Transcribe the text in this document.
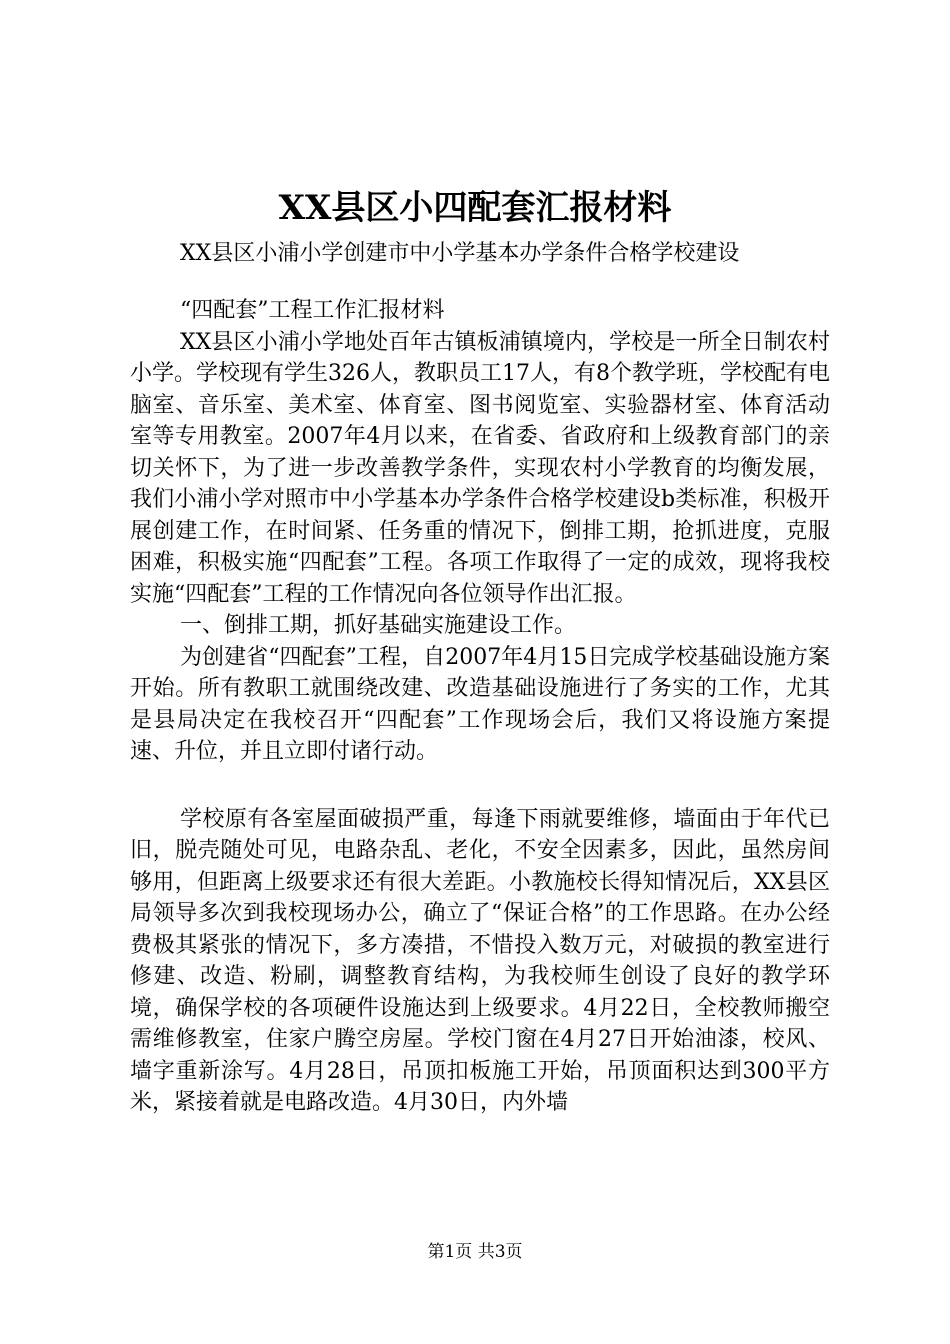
XX县区小四配套汇报材料
XX县区小浦小学创建市中小学基本办学条件合格学校建设

“四配套”工程工作汇报材料

XX县区小浦小学地处百年古镇板浦镇境内，学校是一所全日制农村小学。学校现有学生326人，教职员工17人，有8个教学班，学校配有电脑室、音乐室、美术室、体育室、图书阅览室、实验器材室、体育活动室等专用教室。2007年4月以来，在省委、省政府和上级教育部门的亲切关怀下，为了进一步改善教学条件，实现农村小学教育的均衡发展，我们小浦小学对照市中小学基本办学条件合格学校建设b类标准，积极开展创建工作，在时间紧、任务重的情况下，倒排工期，抢抓进度，克服困难，积极实施“四配套”工程。各项工作取得了一定的成效，现将我校实施“四配套”工程的工作情况向各位领导作出汇报。

一、倒排工期，抓好基础实施建设工作。

为创建省“四配套”工程，自2007年4月15日完成学校基础设施方案开始。所有教职工就围绕改建、改造基础设施进行了务实的工作，尤其是县局决定在我校召开“四配套”工作现场会后，我们又将设施方案提速、升位，并且立即付诸行动。

学校原有各室屋面破损严重，每逢下雨就要维修，墙面由于年代已旧，脱壳随处可见，电路杂乱、老化，不安全因素多，因此，虽然房间够用，但距离上级要求还有很大差距。小教施校长得知情况后，XX县区局领导多次到我校现场办公，确立了“保证合格”的工作思路。在办公经费极其紧张的情况下，多方凑措，不惜投入数万元，对破损的教室进行修建、改造、粉刷，调整教育结构，为我校师生创设了良好的教学环境，确保学校的各项硬件设施达到上级要求。4月22日，全校教师搬空需维修教室，住家户腾空房屋。学校门窗在4月27日开始油漆，校风、墙字重新涂写。4月28日，吊顶扣板施工开始，吊顶面积达到300平方米，紧接着就是电路改造。4月30日，内外墙

第1页 共3页
